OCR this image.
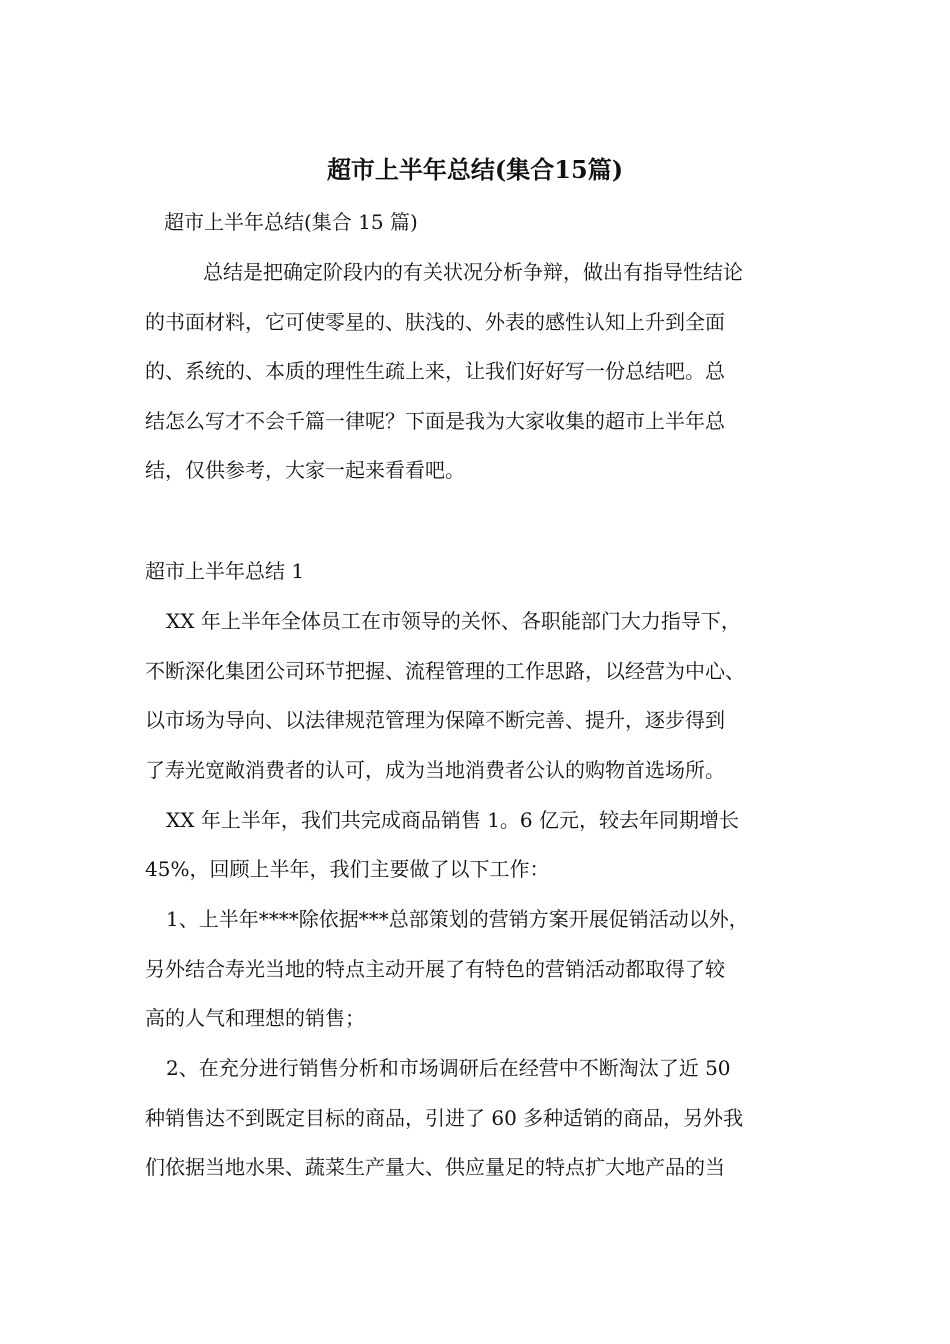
超市上半年总结(集合15篇)
超市上半年总结(集合 15 篇)
总结是把确定阶段内的有关状况分析争辩，做出有指导性结论
的书面材料，它可使零星的、肤浅的、外表的感性认知上升到全面
的、系统的、本质的理性生疏上来，让我们好好写一份总结吧。总
结怎么写才不会千篇一律呢？下面是我为大家收集的超市上半年总
结，仅供参考，大家一起来看看吧。
超市上半年总结 1
XX 年上半年全体员工在市领导的关怀、各职能部门大力指导下，
不断深化集团公司环节把握、流程管理的工作思路，以经营为中心、
以市场为导向、以法律规范管理为保障不断完善、提升，逐步得到
了寿光宽敞消费者的认可，成为当地消费者公认的购物首选场所。
XX 年上半年，我们共完成商品销售 1。6 亿元，较去年同期增长
45%，回顾上半年，我们主要做了以下工作：
1、上半年****除依据***总部策划的营销方案开展促销活动以外，
另外结合寿光当地的特点主动开展了有特色的营销活动都取得了较
高的人气和理想的销售；
2、在充分进行销售分析和市场调研后在经营中不断淘汰了近 50
种销售达不到既定目标的商品，引进了 60 多种适销的商品，另外我
们依据当地水果、蔬菜生产量大、供应量足的特点扩大地产品的当
